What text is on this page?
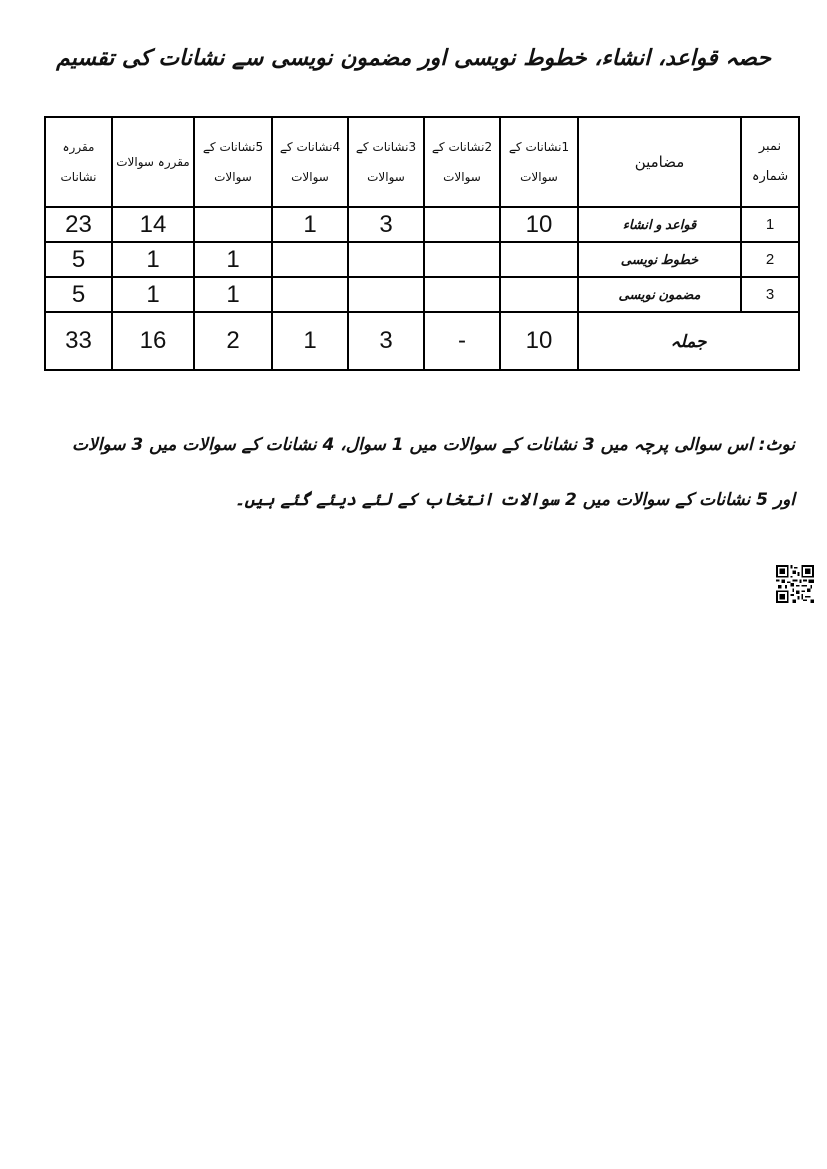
حصہ قواعد، انشاء، خطوط نویسی اور مضمون نویسی سے نشانات کی تقسیم
نمبر شمارہ	مضامین	1نشانات کے سوالات	2نشانات کے سوالات	3نشانات کے سوالات	4نشانات کے سوالات	5نشانات کے سوالات	مقررہ سوالات	مقررہ نشانات
1	قواعد و انشاء	10		3	1		14	23
2	خطوط نویسی					1	1	5
3	مضمون نویسی					1	1	5
جملہ		10	-	3	1	2	16	33
نوٹ: اس سوالی پرچہ میں 3 نشانات کے سوالات میں 1 سوال، 4 نشانات کے سوالات میں 3 سوالات اور 5 نشانات کے سوالات میں 2 سوالات انتخاب کے لئے دیئے گئے ہیں۔
